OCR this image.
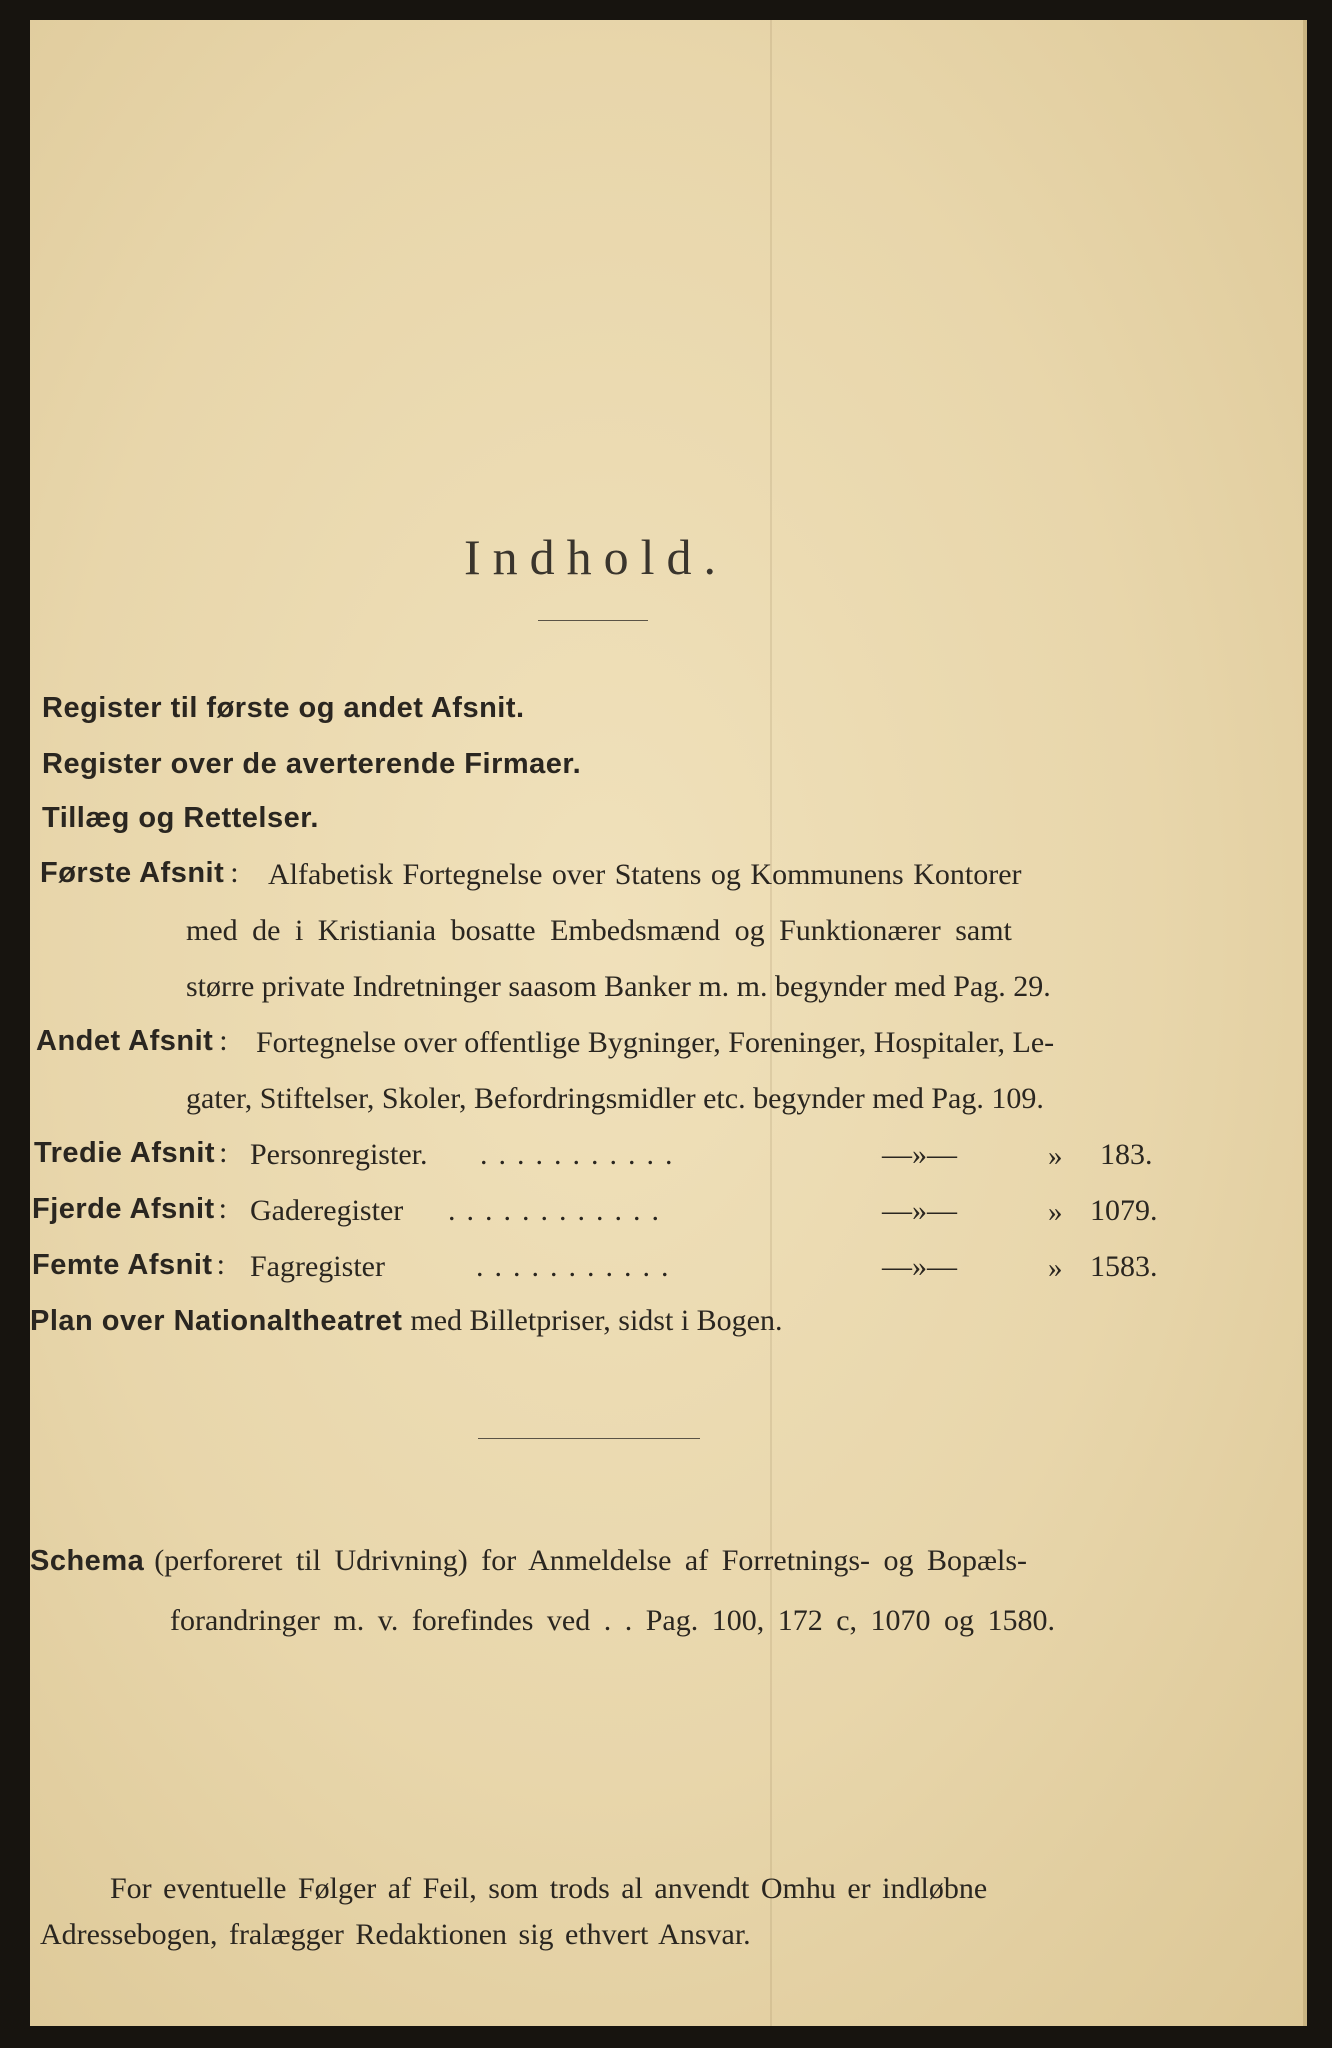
Indhold.
Register til første og andet Afsnit.
Register over de averterende Firmaer.
Tillæg og Rettelser.
Første Afsnit : Alfabetisk Fortegnelse over Statens og Kommunens Kontorer
med de i Kristiania bosatte Embedsmænd og Funktionærer samt
større private Indretninger saasom Banker m. m. begynder med Pag. 29.
Andet Afsnit : Fortegnelse over offentlige Bygninger, Foreninger, Hospitaler, Le-
gater, Stiftelser, Skoler, Befordringsmidler etc. begynder med Pag. 109.
Tredie Afsnit : Personregister. ...........	—»—	» 183.
Fjerde Afsnit : Gaderegister ............	—»—	» 1079.
Femte Afsnit : Fagregister	...........	—»—	» 1583.
Plan over Nationaltheatret med Billetpriser, sidst i Bogen.
Schema (perforeret til Udrivning) for Anmeldelse af Forretnings- og Bopæls-
forandringer m. v. forefindes ved . . Pag. 100, 172 c, 1070 og 1580.
For eventuelle Følger af Feil, som trods al anvendt Omhu er indløbne
Adressebogen, fralægger Redaktionen sig ethvert Ansvar.
